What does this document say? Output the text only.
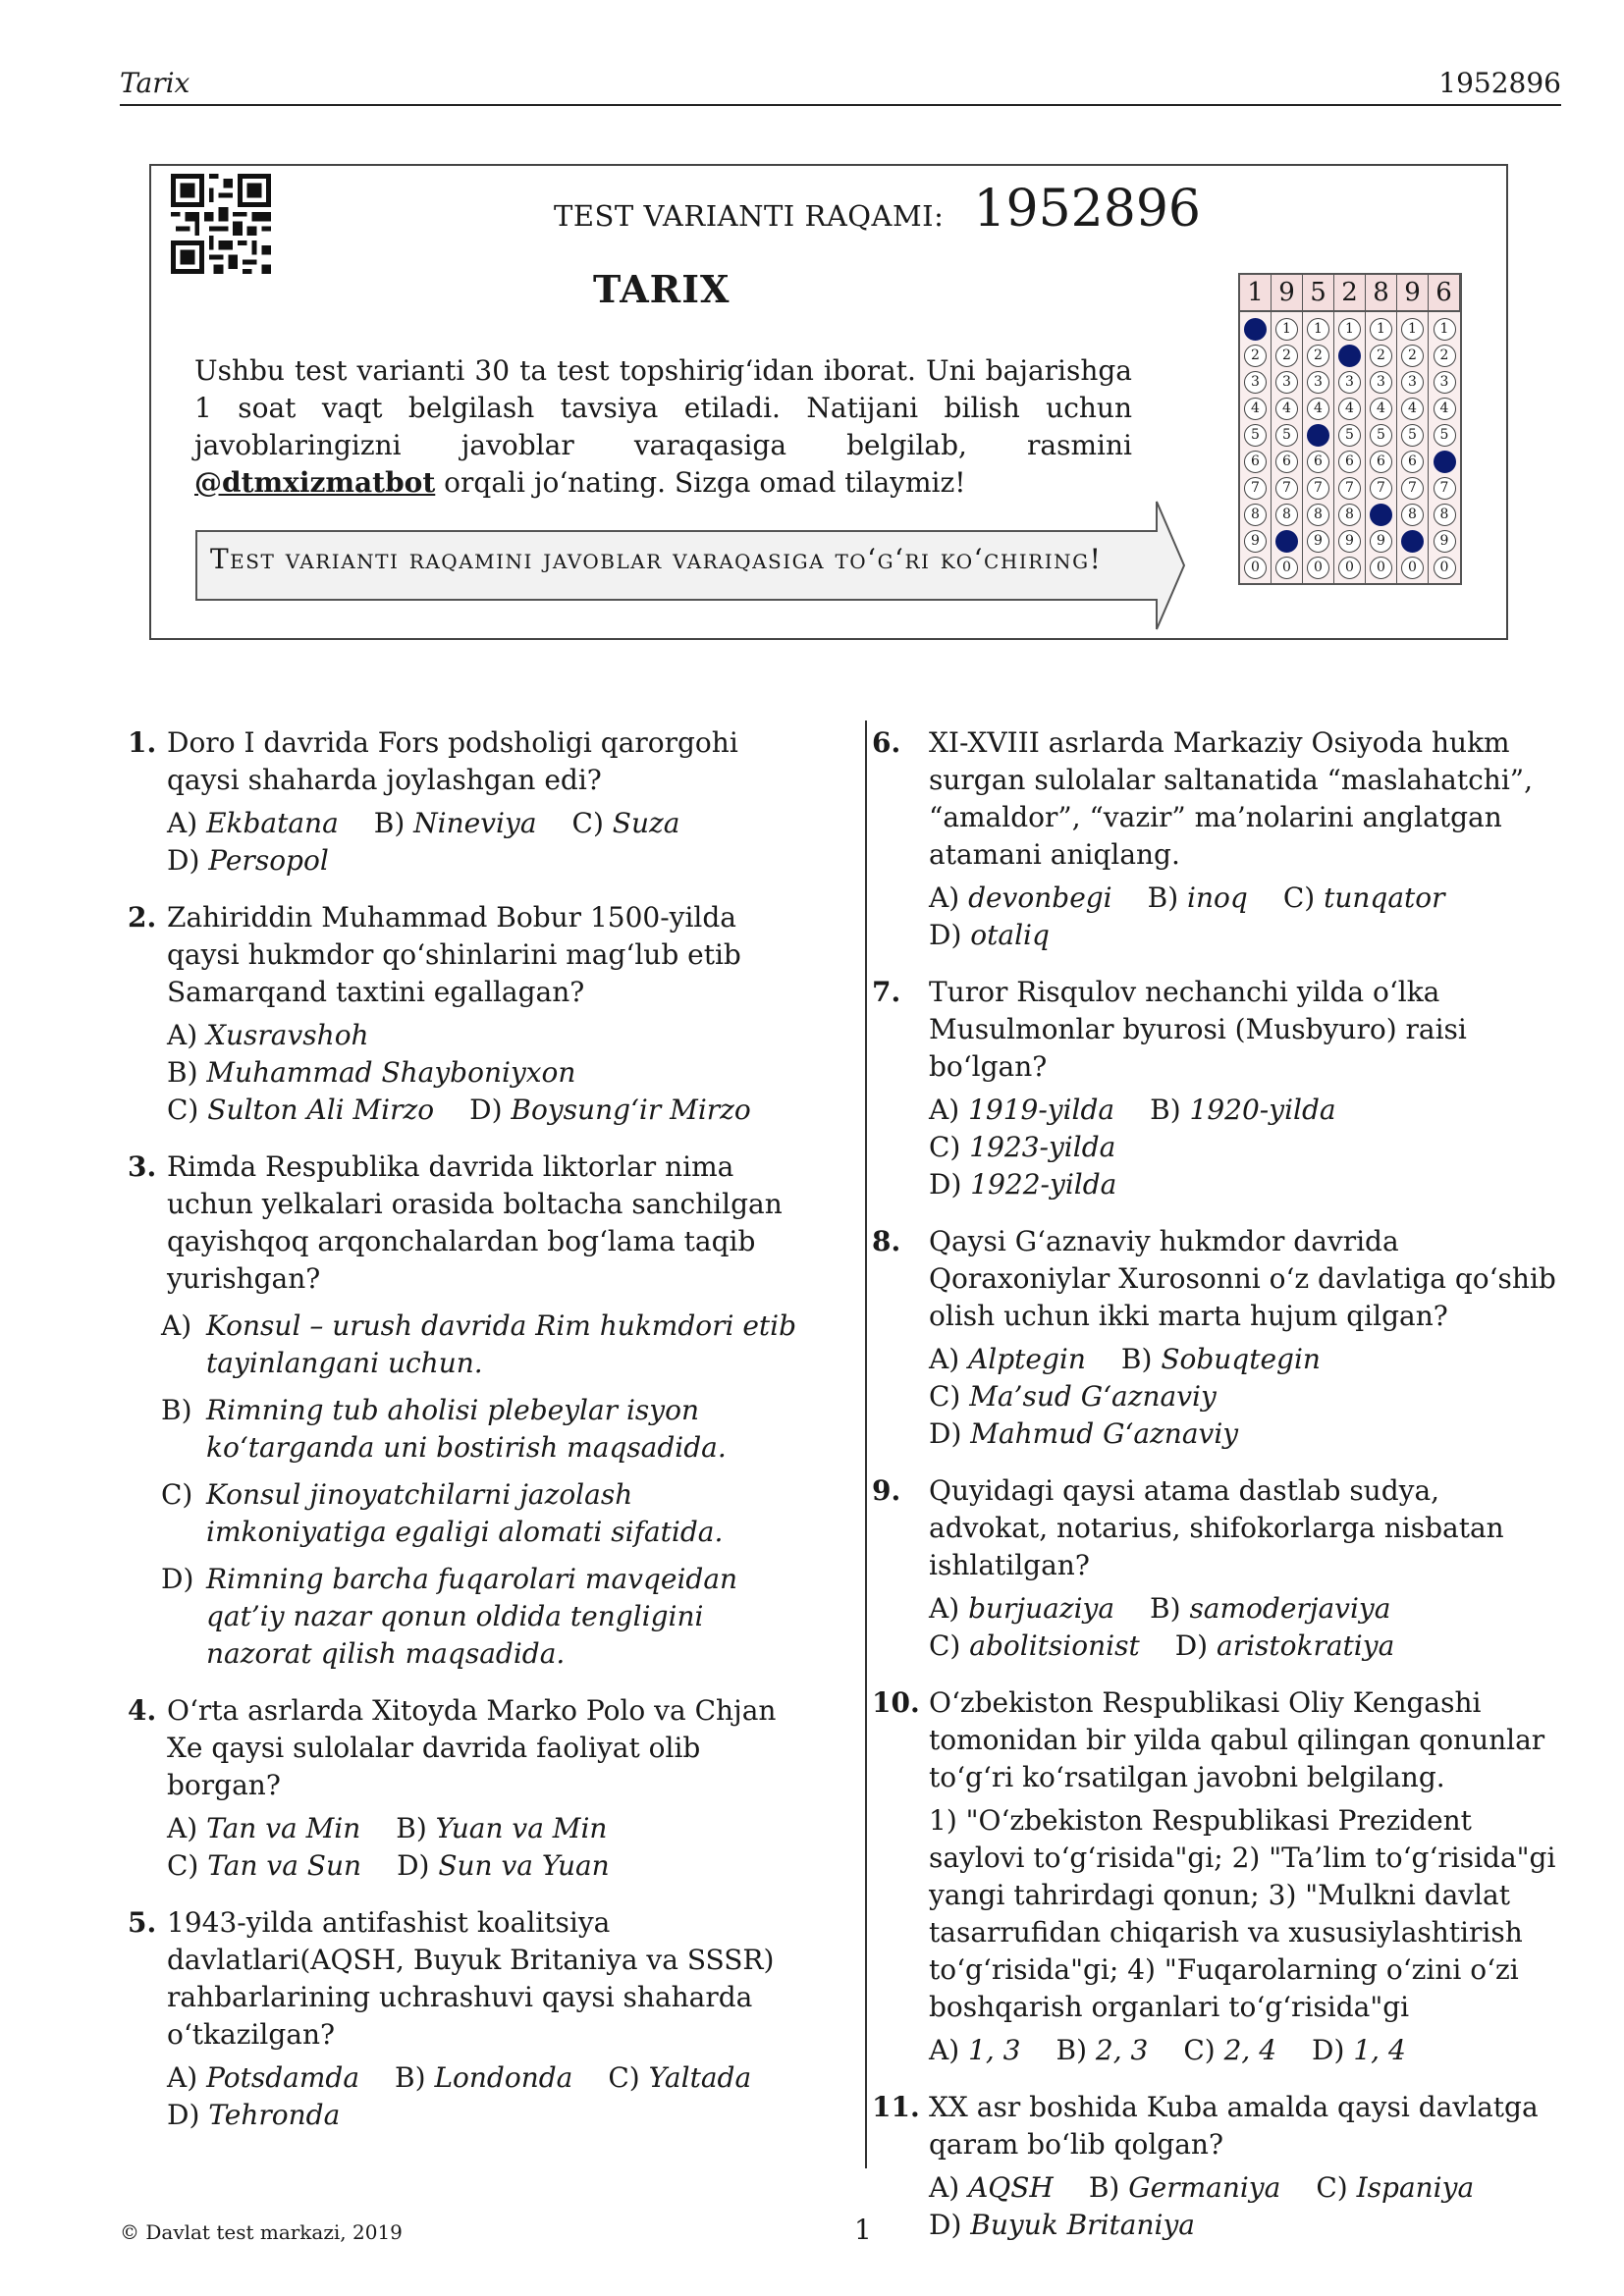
Tarix	1952896
TEST VARIANTI RAQAMI: 1952896
TARIX
Ushbu test varianti 30 ta test topshirig‘idan iborat. Uni bajarishga 1 soat vaqt belgilash tavsiya etiladi. Natijani bilish uchun javoblaringizni javoblar varaqasiga belgilab, rasmini @dtmxizmatbot orqali jo‘nating. Sizga omad tilaymiz!
Test varianti raqamini javoblar varaqasiga to‘g‘ri ko‘chiring!
1 9 5 2 8 9 6
2
3
4
5
6
7
8
9
0
1
2
3
4
5
6
7
8
0
1
2
3
4
6
7
8
9
0
1
3
4
5
6
7
8
9
0
1
2
3
4
5
6
7
9
0
1
2
3
4
5
6
7
8
0
1
2
3
4
5
7
8
9
0
1. Doro I davrida Fors podsholigi qarorgohi qaysi shaharda joylashgan edi?
A) Ekbatana B) Nineviya C) Suza
D) Persopol
2. Zahiriddin Muhammad Bobur 1500-yilda qaysi hukmdor qo‘shinlarini mag‘lub etib Samarqand taxtini egallagan?
A) Xusravshoh
B) Muhammad Shayboniyxon
C) Sulton Ali Mirzo D) Boysung‘ir Mirzo
3. Rimda Respublika davrida liktorlar nima uchun yelkalari orasida boltacha sanchilgan qayishqoq arqonchalardan bog‘lama taqib yurishgan?
A) Konsul – urush davrida Rim hukmdori etib tayinlangani uchun.
B) Rimning tub aholisi plebeylar isyon ko‘targanda uni bostirish maqsadida.
C) Konsul jinoyatchilarni jazolash imkoniyatiga egaligi alomati sifatida.
D) Rimning barcha fuqarolari mavqeidan qat’iy nazar qonun oldida tengligini nazorat qilish maqsadida.
4. O‘rta asrlarda Xitoyda Marko Polo va Chjan Xe qaysi sulolalar davrida faoliyat olib borgan?
A) Tan va Min B) Yuan va Min
C) Tan va Sun D) Sun va Yuan
5. 1943-yilda antifashist koalitsiya davlatlari(AQSH, Buyuk Britaniya va SSSR) rahbarlarining uchrashuvi qaysi shaharda o‘tkazilgan?
A) Potsdamda B) Londonda C) Yaltada
D) Tehronda
6. XI-XVIII asrlarda Markaziy Osiyoda hukm surgan sulolalar saltanatida “maslahatchi”, “amaldor”, “vazir” ma’nolarini anglatgan atamani aniqlang.
A) devonbegi B) inoq C) tunqator
D) otaliq
7. Turor Risqulov nechanchi yilda o‘lka Musulmonlar byurosi (Musbyuro) raisi bo‘lgan?
A) 1919-yilda B) 1920-yildaC) 1923-yilda
D) 1922-yilda
8. Qaysi G‘aznaviy hukmdor davrida Qoraxoniylar Xurosonni o‘z davlatiga qo‘shib olish uchun ikki marta hujum qilgan?
A) Alptegin B) Sobuqtegin
C) Ma’sud G‘aznaviyD) Mahmud G‘aznaviy
9. Quyidagi qaysi atama dastlab sudya, advokat, notarius, shifokorlarga nisbatan ishlatilgan?
A) burjuaziya B) samoderjaviya
C) abolitsionist D) aristokratiya
10. O‘zbekiston Respublikasi Oliy Kengashi tomonidan bir yilda qabul qilingan qonunlar to‘g‘ri ko‘rsatilgan javobni belgilang.
1) "O‘zbekiston Respublikasi Prezident saylovi to‘g‘risida"gi; 2) "Ta’lim to‘g‘risida"gi yangi tahrirdagi qonun; 3) "Mulkni davlat tasarrufidan chiqarish va xususiylashtirish to‘g‘risida"gi; 4) "Fuqarolarning o‘zini o‘zi boshqarish organlari to‘g‘risida"gi
A) 1, 3 B) 2, 3 C) 2, 4 D) 1, 4
11. XX asr boshida Kuba amalda qaysi davlatga qaram bo‘lib qolgan?
A) AQSH B) Germaniya C) Ispaniya
D) Buyuk Britaniya
© Davlat test markazi, 2019	1
